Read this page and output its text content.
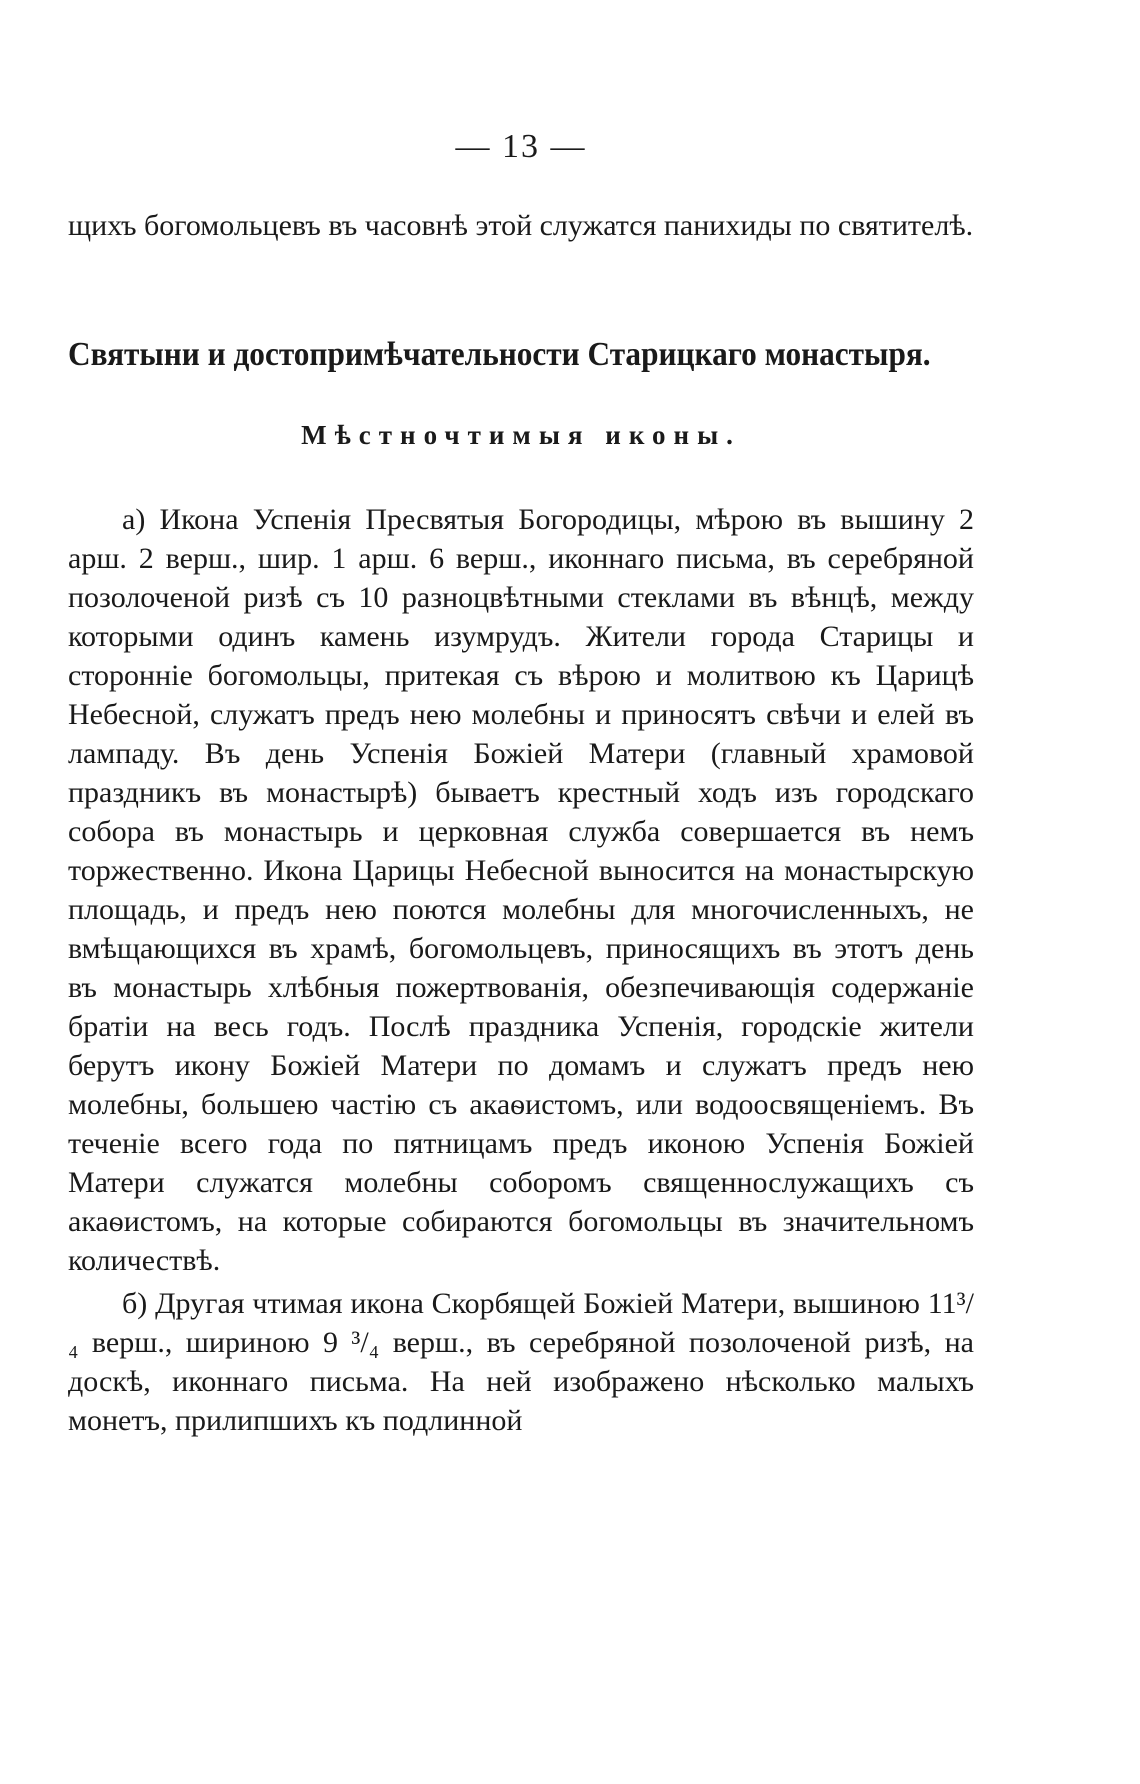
— 13 —

щихъ богомольцевъ въ часовнѣ этой служатся панихиды по святителѣ.

Святыни и достопримѣчательности Старицкаго монастыря.
Мѣстночтимыя иконы.

а) Икона Успенія Пресвятыя Богородицы, мѣрою въ вышину 2 арш. 2 верш., шир. 1 арш. 6 верш., иконнаго письма, въ серебряной позолоченой ризѣ съ 10 разноцвѣтными стеклами въ вѣнцѣ, между которыми одинъ камень изумрудъ. Жители города Старицы и сторонніе богомольцы, притекая съ вѣрою и молитвою къ Царицѣ Небесной, служатъ предъ нею молебны и приносятъ свѣчи и елей въ лампаду. Въ день Успенія Божіей Матери (главный храмовой праздникъ въ монастырѣ) бываетъ крестный ходъ изъ городскаго собора въ монастырь и церковная служба совершается въ немъ торжественно. Икона Царицы Небесной выносится на монастырскую площадь, и предъ нею поются молебны для многочисленныхъ, не вмѣщающихся въ храмѣ, богомольцевъ, приносящихъ въ этотъ день въ монастырь хлѣбныя пожертвованія, обезпечивающія содержаніе братіи на весь годъ. Послѣ праздника Успенія, городскіе жители берутъ икону Божіей Матери по домамъ и служатъ предъ нею молебны, большею частію съ акаѳистомъ, или водоосвященіемъ. Въ теченіе всего года по пятницамъ предъ иконою Успенія Божіей Матери служатся молебны соборомъ священнослужащихъ съ акаѳистомъ, на которые собираются богомольцы въ значительномъ количествѣ.

б) Другая чтимая икона Скорбящей Божіей Матери, вышиною 11³/₄ верш., шириною 9 ³/₄ верш., въ серебряной позолоченой ризѣ, на доскѣ, иконнаго письма. На ней изображено нѣсколько малыхъ монетъ, прилипшихъ къ подлинной
